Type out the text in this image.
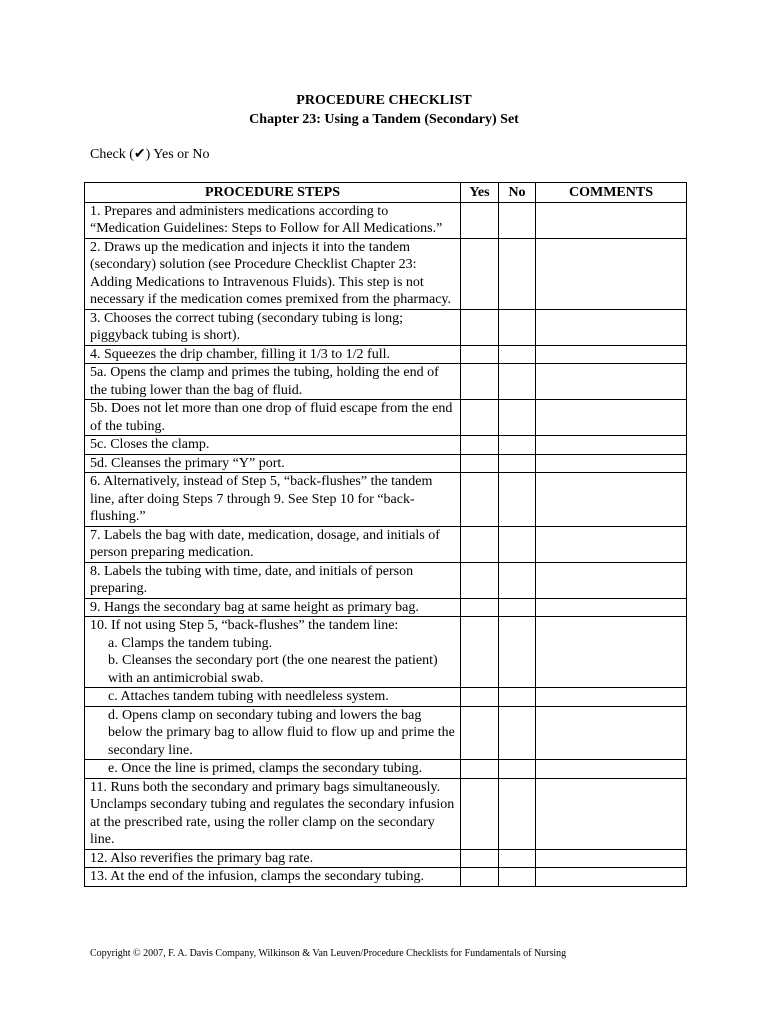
PROCEDURE CHECKLIST
Chapter 23: Using a Tandem (Secondary) Set
Check (✔) Yes or No
PROCEDURE STEPS	Yes	No	COMMENTS
1. Prepares and administers medications according to “Medication Guidelines: Steps to Follow for All Medications.”			
2. Draws up the medication and injects it into the tandem (secondary) solution (see Procedure Checklist Chapter 23: Adding Medications to Intravenous Fluids). This step is not necessary if the medication comes premixed from the pharmacy.			
3. Chooses the correct tubing (secondary tubing is long; piggyback tubing is short).			
4. Squeezes the drip chamber, filling it 1/3 to 1/2 full.			
5a. Opens the clamp and primes the tubing, holding the end of the tubing lower than the bag of fluid.			
5b. Does not let more than one drop of fluid escape from the end of the tubing.			
5c. Closes the clamp.			
5d. Cleanses the primary “Y” port.			
6. Alternatively, instead of Step 5, “back-flushes” the tandem line, after doing Steps 7 through 9. See Step 10 for “back-flushing.”			
7. Labels the bag with date, medication, dosage, and initials of person preparing medication.			
8. Labels the tubing with time, date, and initials of person preparing.			
9. Hangs the secondary bag at same height as primary bag.			
10. If not using Step 5, “back-flushes” the tandem line:			

a. Clamps the tandem tubing.			

b. Cleanses the secondary port (the one nearest the patient) with an antimicrobial swab.			

c. Attaches tandem tubing with needleless system.			

d. Opens clamp on secondary tubing and lowers the bag below the primary bag to allow fluid to flow up and prime the secondary line.			

e. Once the line is primed, clamps the secondary tubing.			

11. Runs both the secondary and primary bags simultaneously. Unclamps secondary tubing and regulates the secondary infusion at the prescribed rate, using the roller clamp on the secondary line.			
12. Also reverifies the primary bag rate.			
13. At the end of the infusion, clamps the secondary tubing.			
Copyright © 2007, F. A. Davis Company, Wilkinson & Van Leuven/Procedure Checklists for Fundamentals of Nursing
